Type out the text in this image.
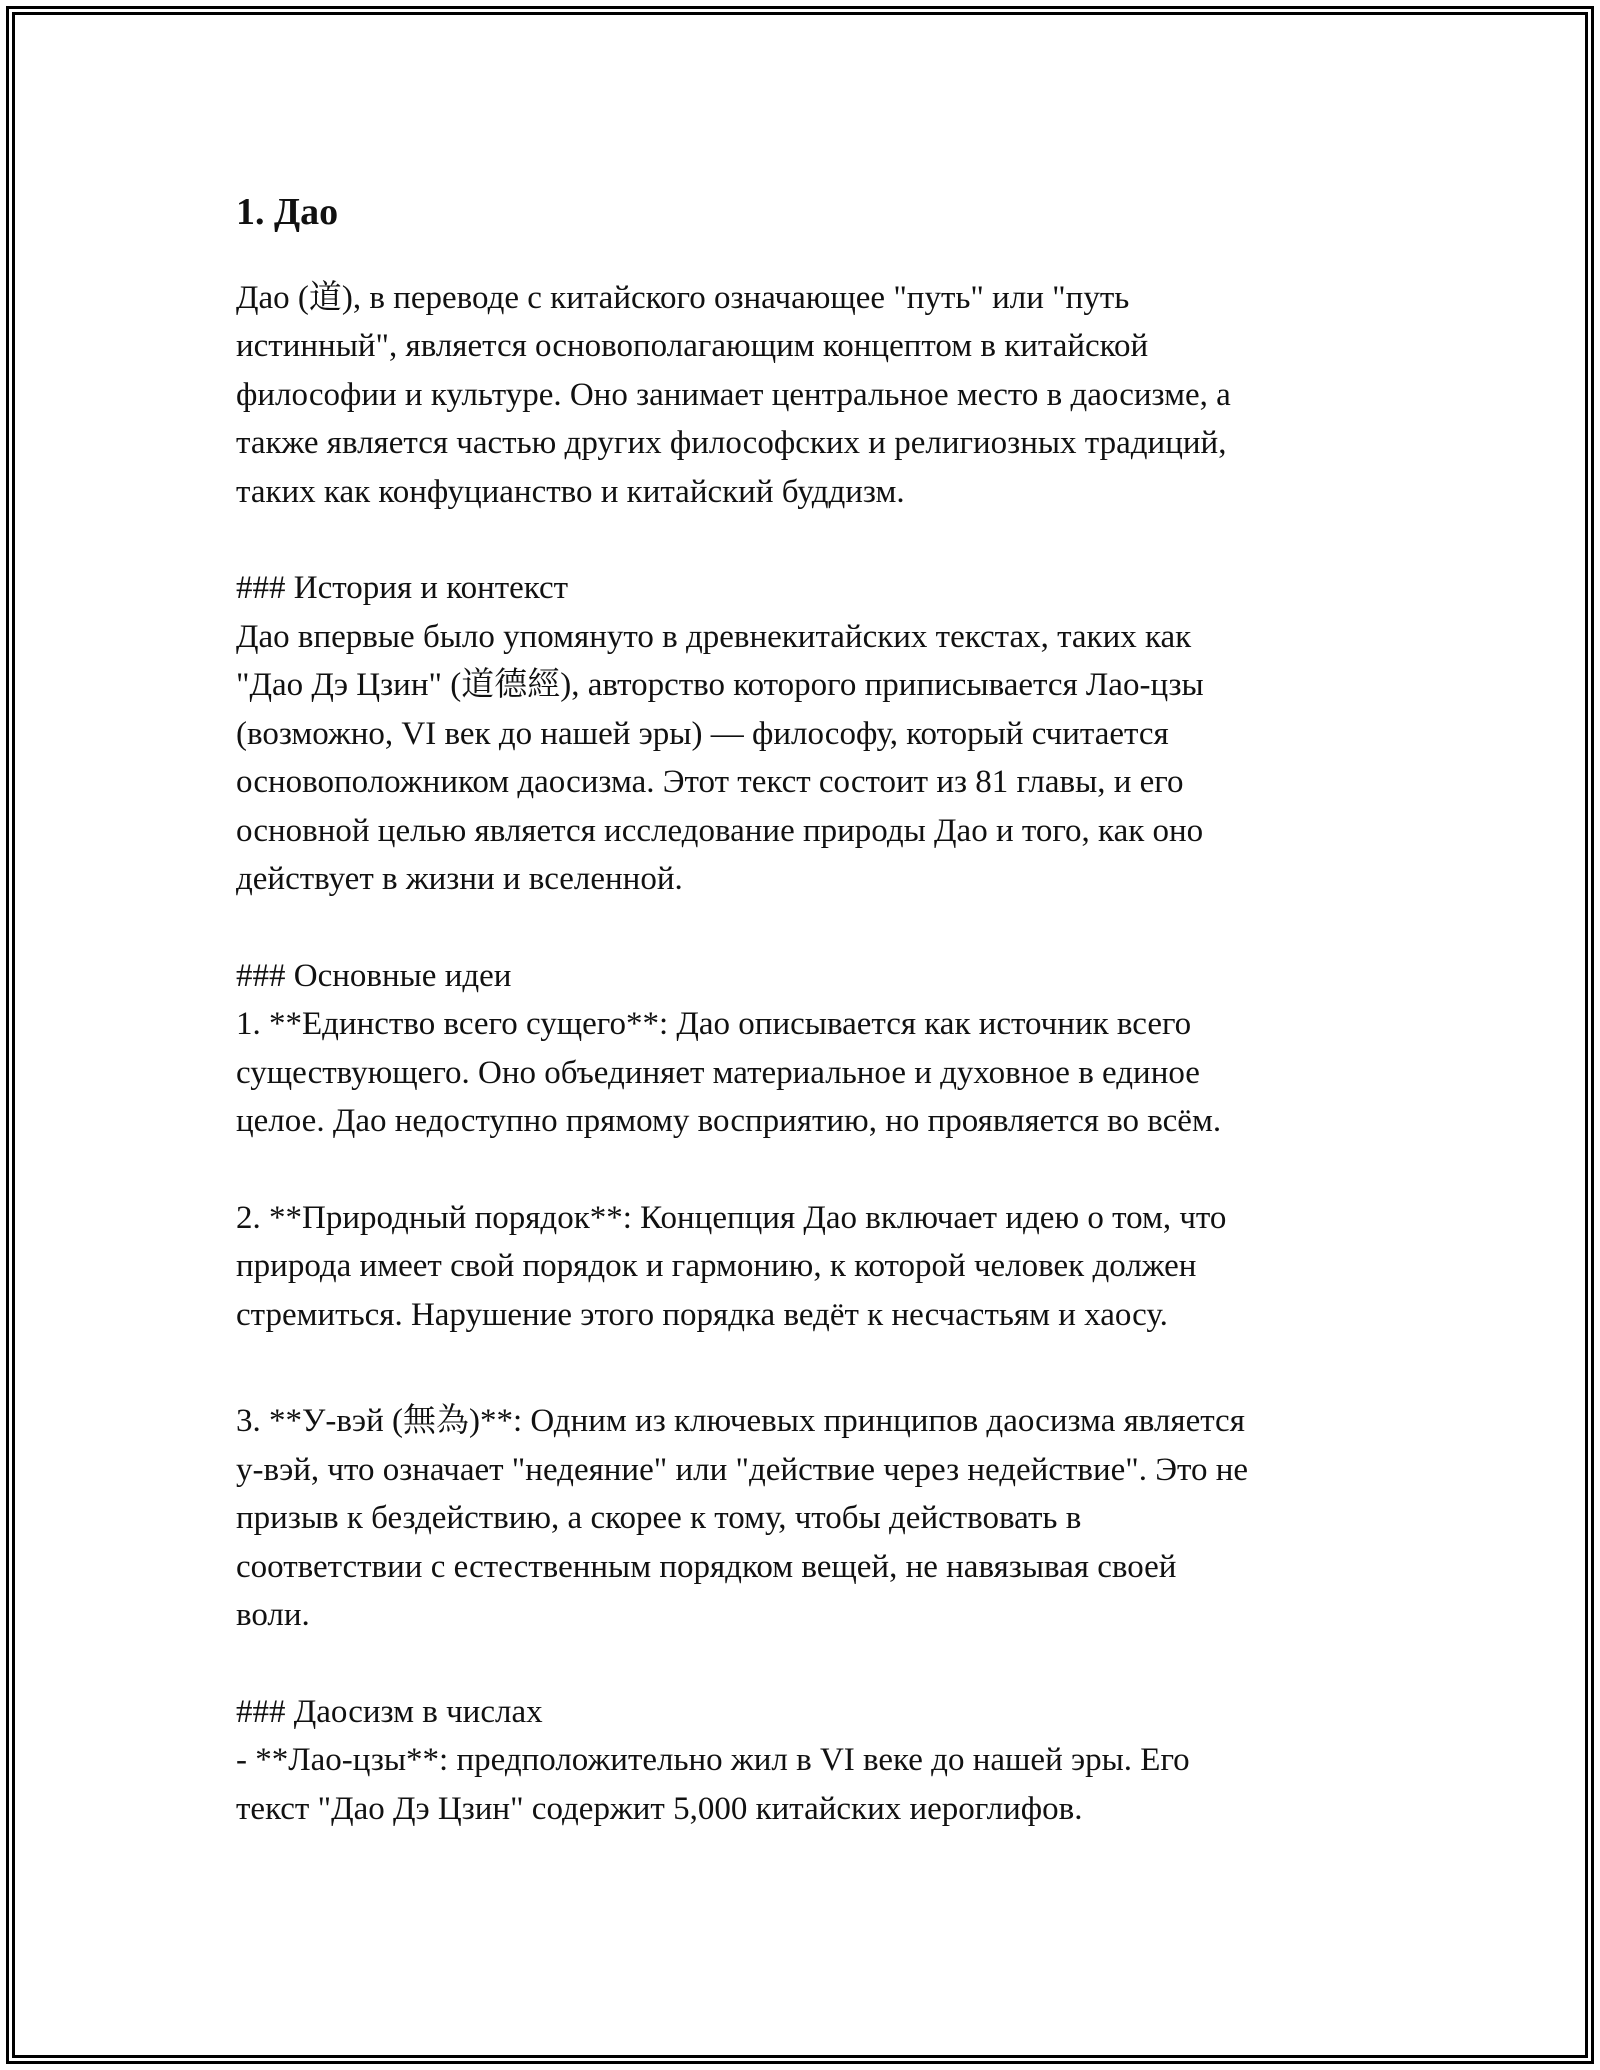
1. Дао
Дао (道), в переводе с китайского означающее "путь" или "путь
истинный", является основополагающим концептом в китайской
философии и культуре. Оно занимает центральное место в даосизме, а
также является частью других философских и религиозных традиций,
таких как конфуцианство и китайский буддизм.
### История и контекст
Дао впервые было упомянуто в древнекитайских текстах, таких как
"Дао Дэ Цзин" (道德經), авторство которого приписывается Лао-цзы
(возможно, VI век до нашей эры) — философу, который считается
основоположником даосизма. Этот текст состоит из 81 главы, и его
основной целью является исследование природы Дао и того, как оно
действует в жизни и вселенной.
### Основные идеи
1. **Единство всего сущего**: Дао описывается как источник всего
существующего. Оно объединяет материальное и духовное в единое
целое. Дао недоступно прямому восприятию, но проявляется во всём.
2. **Природный порядок**: Концепция Дао включает идею о том, что
природа имеет свой порядок и гармонию, к которой человек должен
стремиться. Нарушение этого порядка ведёт к несчастьям и хаосу.
3. **У-вэй (無為)**: Одним из ключевых принципов даосизма является
у-вэй, что означает "недеяние" или "действие через недействие". Это не
призыв к бездействию, а скорее к тому, чтобы действовать в
соответствии с естественным порядком вещей, не навязывая своей
воли.
### Даосизм в числах
- **Лао-цзы**: предположительно жил в VI веке до нашей эры. Его
текст "Дао Дэ Цзин" содержит 5,000 китайских иероглифов.
